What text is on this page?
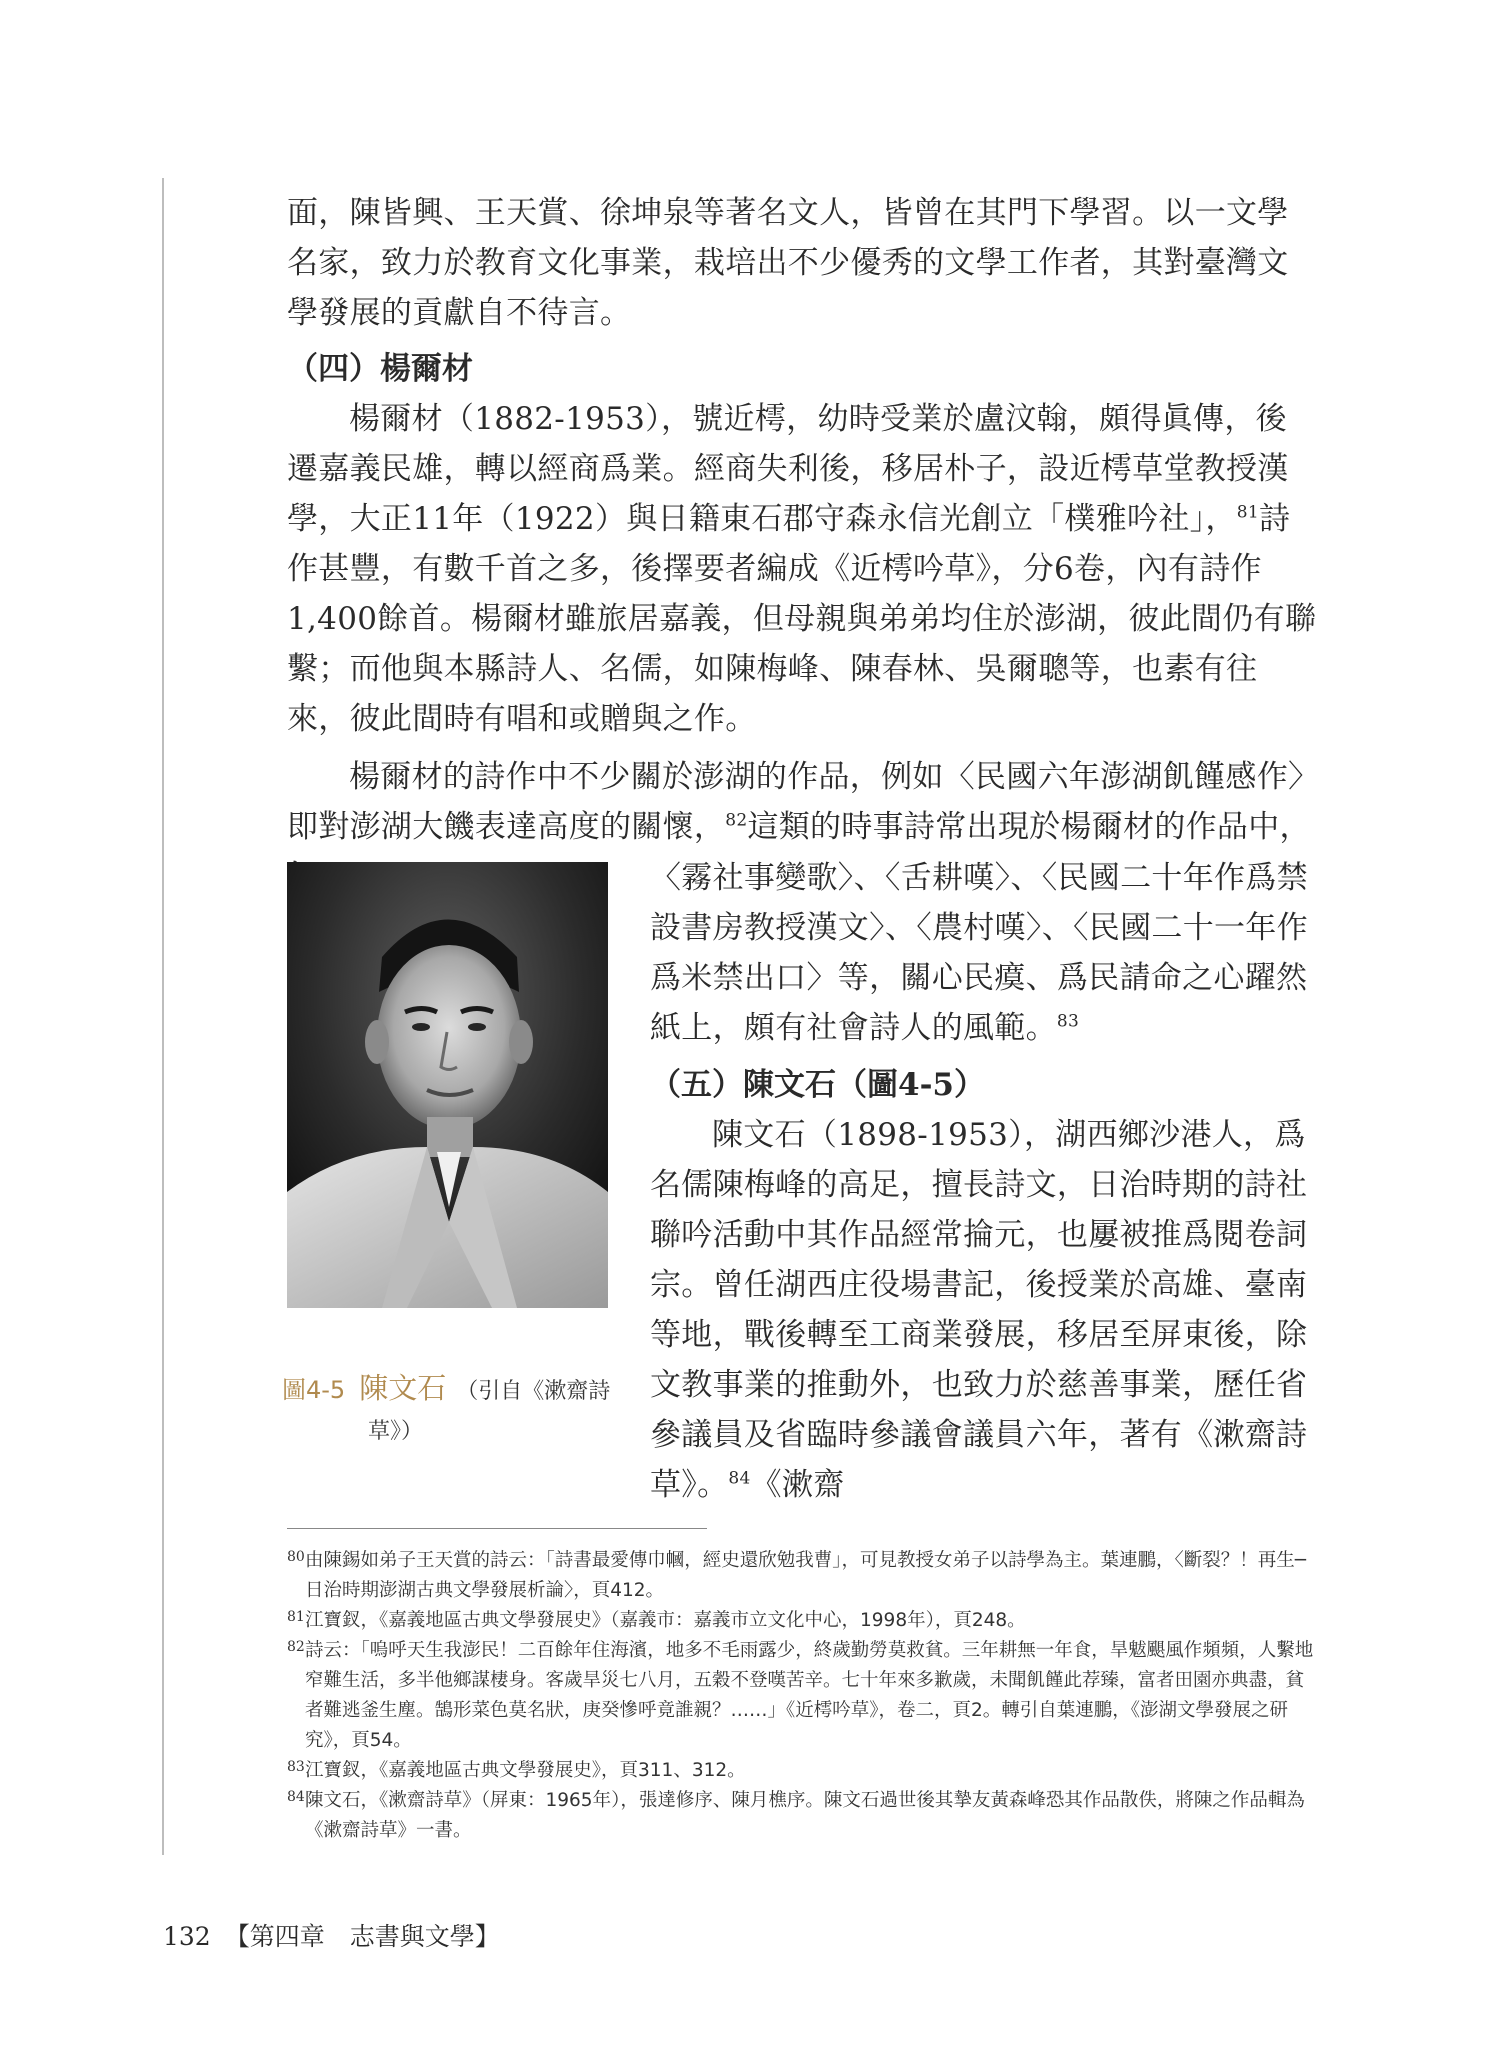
面，陳皆興、王天賞、徐坤泉等著名文人，皆曾在其門下學習。以一文學名家，致力於教育文化事業，栽培出不少優秀的文學工作者，其對臺灣文學發展的貢獻自不待言。

（四）楊爾材

楊爾材（1882-1953），號近樗，幼時受業於盧汶翰，頗得眞傳，後遷嘉義民雄，轉以經商爲業。經商失利後，移居朴子，設近樗草堂教授漢學，大正11年（1922）與日籍東石郡守森永信光創立「樸雅吟社」，$^{81}$詩作甚豐，有數千首之多，後擇要者編成《近樗吟草》，分6卷，內有詩作1,400餘首。楊爾材雖旅居嘉義，但母親與弟弟均住於澎湖，彼此間仍有聯繫；而他與本縣詩人、名儒，如陳梅峰、陳春林、吳爾聰等，也素有往來，彼此間時有唱和或贈與之作。

楊爾材的詩作中不少關於澎湖的作品，例如〈民國六年澎湖飢饉感作〉即對澎湖大饑表達高度的關懷，$^{82}$這類的時事詩常出現於楊爾材的作品中，

〈霧社事變歌〉、〈舌耕嘆〉、〈民國二十年作爲禁設書房教授漢文〉、〈農村嘆〉、〈民國二十一年作爲米禁出口〉等，關心民瘼、爲民請命之心躍然紙上，頗有社會詩人的風範。$^{83}$

（五）陳文石（圖4-5）

陳文石（1898-1953），湖西鄉沙港人，爲名儒陳梅峰的高足，擅長詩文，日治時期的詩社聯吟活動中其作品經常掄元，也屢被推爲閱卷詞宗。曾任湖西庄役場書記，後授業於高雄、臺南等地，戰後轉至工商業發展，移居至屏東後，除文教事業的推動外，也致力於慈善事業，歷任省參議員及省臨時參議會議員六年，著有《漱齋詩草》。$^{84}$《漱齋

圖4-5 陳文石 （引自《漱齋詩
草》）
80 由陳錫如弟子王天賞的詩云：「詩書最愛傳巾幗，經史還欣勉我曹」，可見教授女弟子以詩學為主。葉連鵬，〈斷裂？！再生─日治時期澎湖古典文學發展析論〉，頁412。
81 江寶釵，《嘉義地區古典文學發展史》（嘉義市：嘉義市立文化中心，1998年），頁248。
82 詩云：「嗚呼天生我澎民！二百餘年住海濱，地多不毛雨露少，終歲勤勞莫救貧。三年耕無一年食，旱魃颶風作頻頻，人繫地窄難生活，多半他鄉謀棲身。客歲旱災七八月，五穀不登嘆苦辛。七十年來多歉歲，未聞飢饉此荐臻，富者田園亦典盡，貧者難逃釜生塵。鵠形菜色莫名狀，庚癸慘呼竟誰親？……」《近樗吟草》，卷二，頁2。轉引自葉連鵬，《澎湖文學發展之研究》，頁54。
83 江寶釵，《嘉義地區古典文學發展史》，頁311、312。
84 陳文石，《漱齋詩草》（屏東：1965年），張達修序、陳月樵序。陳文石過世後其摯友黃森峰恐其作品散佚，將陳之作品輯為《漱齋詩草》一書。
132 【第四章　志書與文學】
